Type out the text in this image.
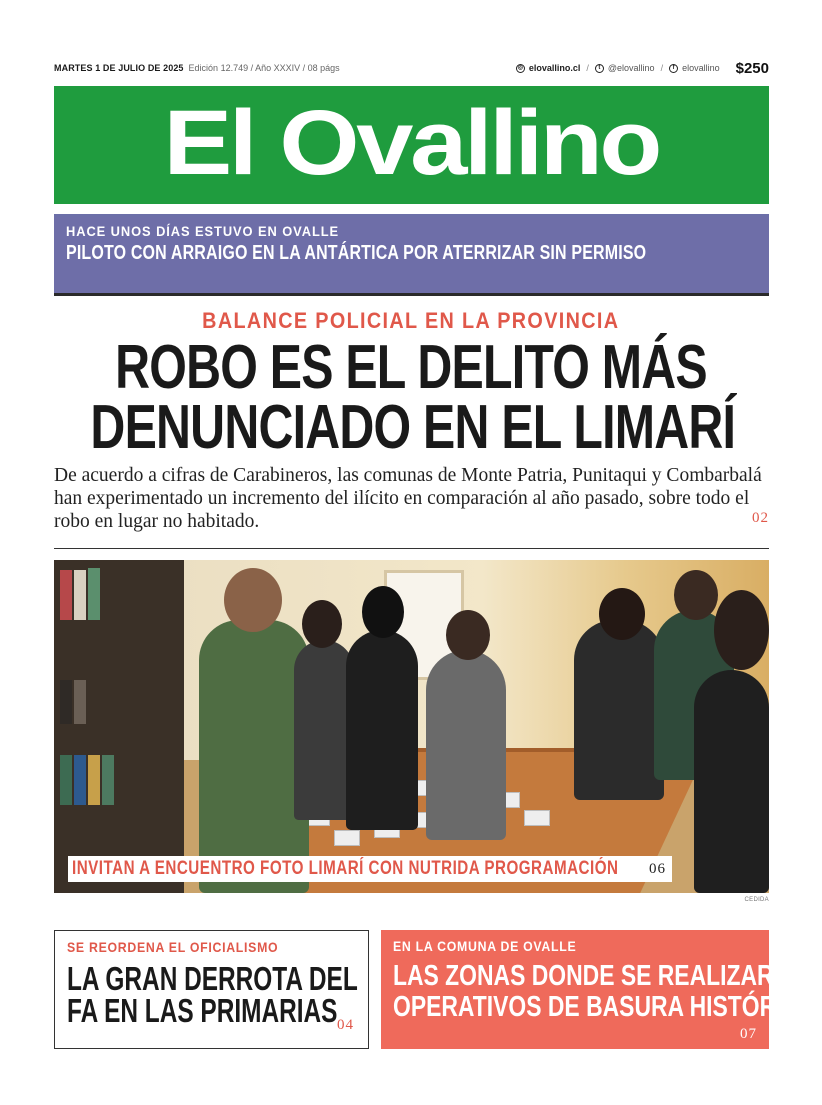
MARTES 1 DE JULIO DE 2025 Edición 12.749 / Año XXXIV / 08 págs	◎ elovallino.cl /	t @elovallino /	f elovallino $250
El Ovallino
HACE UNOS DÍAS ESTUVO EN OVALLE
PILOTO CON ARRAIGO EN LA ANTÁRTICA POR ATERRIZAR SIN PERMISO
03
BALANCE POLICIAL EN LA PROVINCIA
ROBO ES EL DELITO MÁS
DENUNCIADO EN EL LIMARÍ

De acuerdo a cifras de Carabineros, las comunas de Monte Patria, Punitaqui y Combarbalá han experimentado un incremento del ilícito en comparación al año pasado, sobre todo el robo en lugar no habitado.	02
INVITAN A ENCUENTRO FOTO LIMARÍ CON NUTRIDA PROGRAMACIÓN 06
CEDIDA
SE REORDENA EL OFICIALISMO
LA GRAN DERROTA DEL
FA EN LAS PRIMARIAS 04
EN LA COMUNA DE OVALLE
LAS ZONAS DONDE SE REALIZARÁN
OPERATIVOS DE BASURA HISTÓRICA
07
